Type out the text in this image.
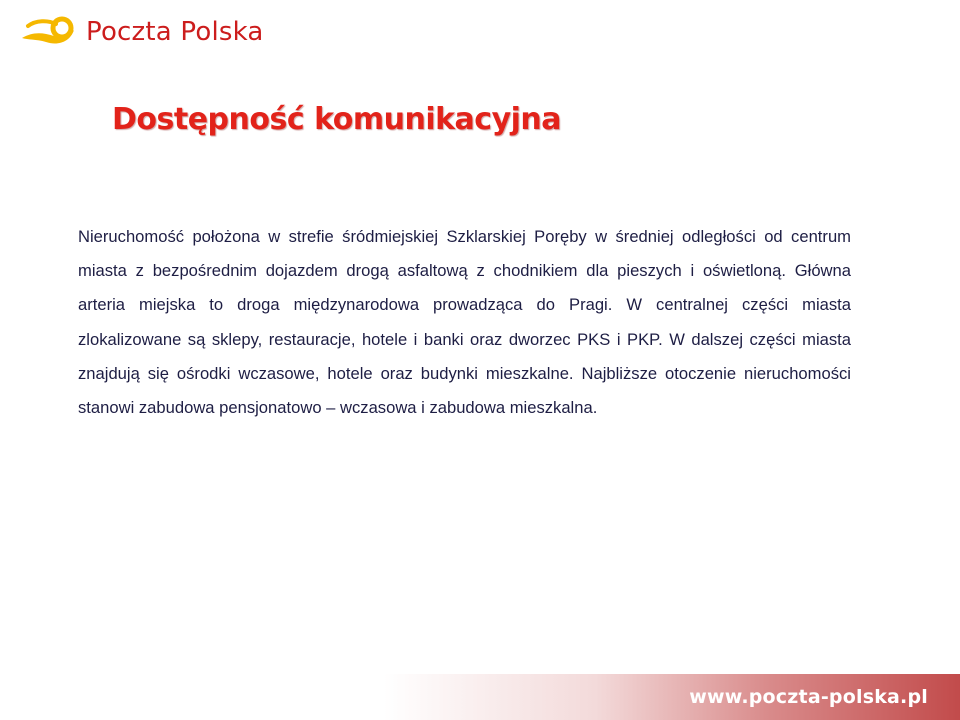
Poczta Polska
Dostępność komunikacyjna

Nieruchomość położona w strefie śródmiejskiej Szklarskiej Poręby w średniej odległości od centrum miasta z bezpośrednim dojazdem drogą asfaltową z chodnikiem dla pieszych i oświetloną. Główna arteria miejska to droga międzynarodowa prowadząca do Pragi. W centralnej części miasta zlokalizowane są sklepy, restauracje, hotele i banki oraz dworzec PKS i PKP. W dalszej części miasta znajdują się ośrodki wczasowe, hotele oraz budynki mieszkalne. Najbliższe otoczenie nieruchomości stanowi zabudowa pensjonatowo – wczasowa i zabudowa mieszkalna.

www.poczta-polska.pl
